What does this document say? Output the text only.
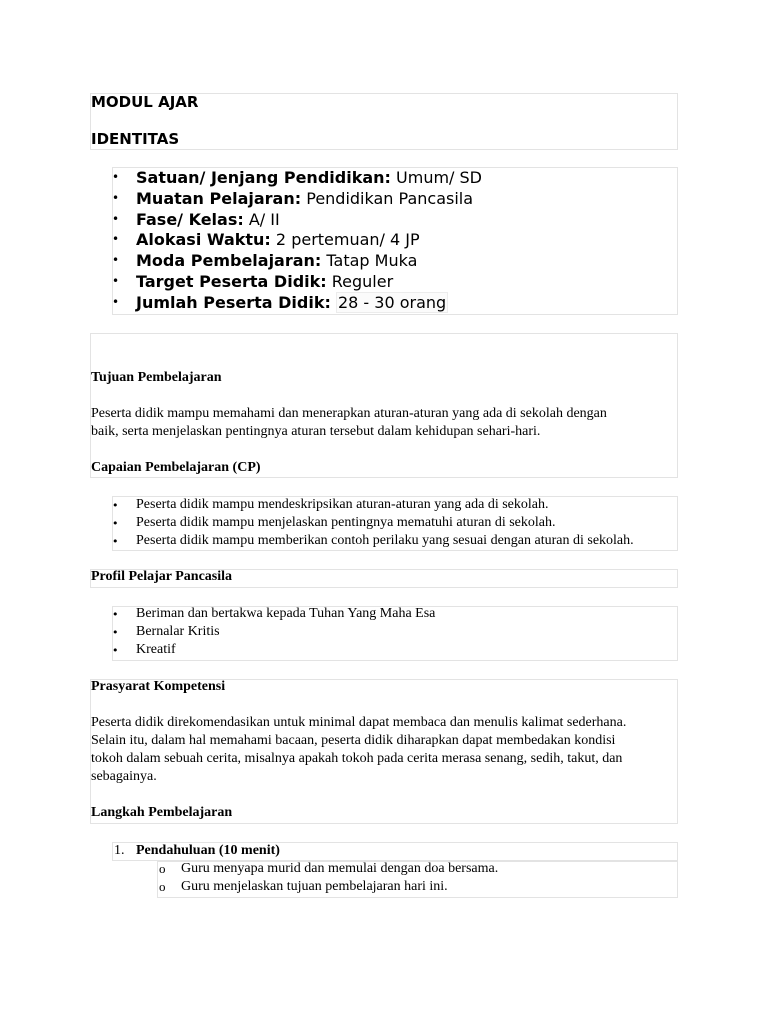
MODUL AJAR
IDENTITAS
• Satuan/ Jenjang Pendidikan: Umum/ SD
• Muatan Pelajaran: Pendidikan Pancasila
• Fase/ Kelas: A/ II
• Alokasi Waktu: 2 pertemuan/ 4 JP
• Moda Pembelajaran: Tatap Muka
• Target Peserta Didik: Reguler
• Jumlah Peserta Didik: 28 - 30 orang
Tujuan Pembelajaran
Peserta didik mampu memahami dan menerapkan aturan-aturan yang ada di sekolah dengan
baik, serta menjelaskan pentingnya aturan tersebut dalam kehidupan sehari-hari.
Capaian Pembelajaran (CP)
• Peserta didik mampu mendeskripsikan aturan-aturan yang ada di sekolah.
• Peserta didik mampu menjelaskan pentingnya mematuhi aturan di sekolah.
• Peserta didik mampu memberikan contoh perilaku yang sesuai dengan aturan di sekolah.
Profil Pelajar Pancasila
• Beriman dan bertakwa kepada Tuhan Yang Maha Esa
• Bernalar Kritis
• Kreatif
Prasyarat Kompetensi
Peserta didik direkomendasikan untuk minimal dapat membaca dan menulis kalimat sederhana.
Selain itu, dalam hal memahami bacaan, peserta didik diharapkan dapat membedakan kondisi
tokoh dalam sebuah cerita, misalnya apakah tokoh pada cerita merasa senang, sedih, takut, dan
sebagainya.
Langkah Pembelajaran
1. Pendahuluan (10 menit)
o Guru menyapa murid dan memulai dengan doa bersama.
o Guru menjelaskan tujuan pembelajaran hari ini.
